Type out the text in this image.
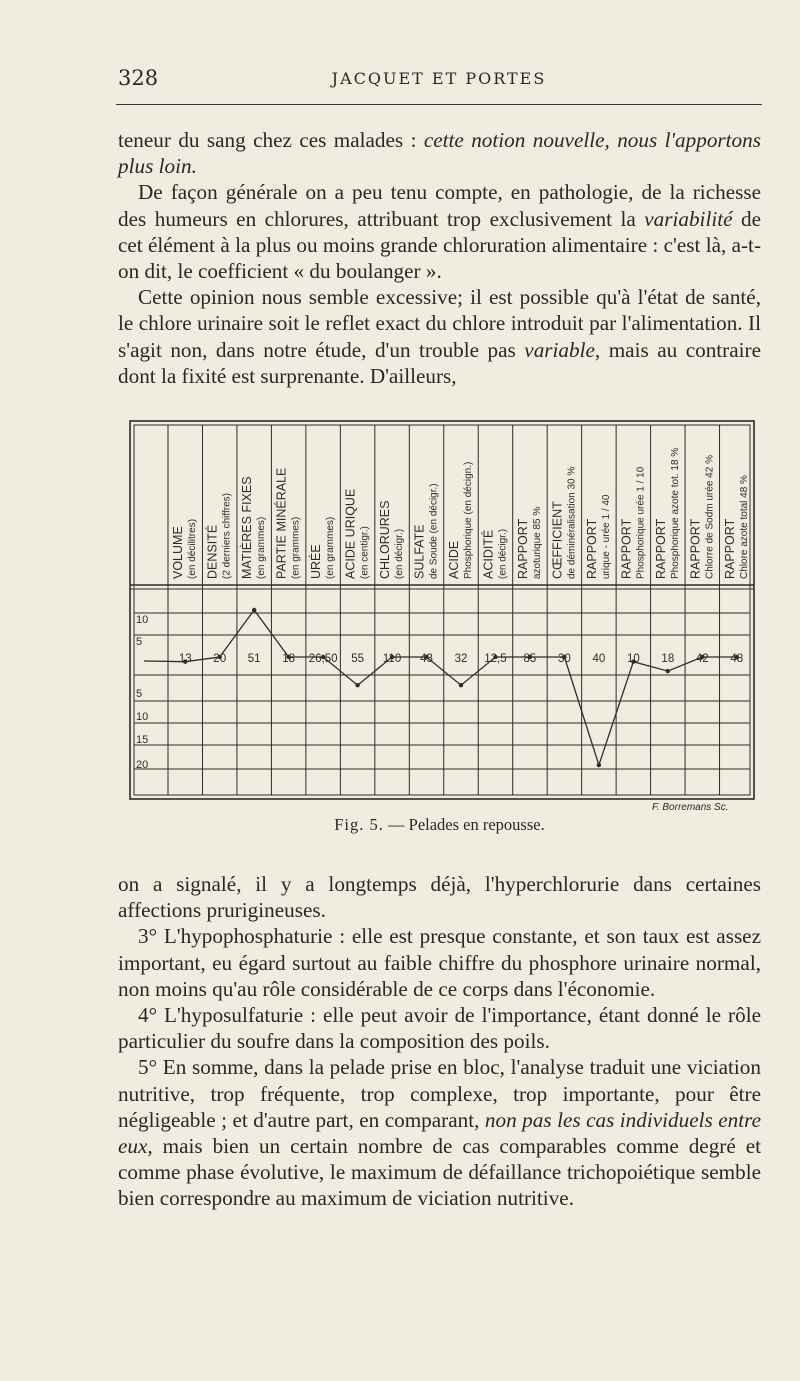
328	JACQUET ET PORTES

teneur du sang chez ces malades : cette notion nouvelle, nous l'apportons plus loin.

De façon générale on a peu tenu compte, en pathologie, de la richesse des humeurs en chlorures, attribuant trop exclusivement la variabilité de cet élément à la plus ou moins grande chloruration alimentaire : c'est là, a-t-on dit, le coefficient « du boulanger ».

Cette opinion nous semble excessive; il est possible qu'à l'état de santé, le chlore urinaire soit le reflet exact du chlore introduit par l'alimentation. Il s'agit non, dans notre étude, d'un trouble pas variable, mais au contraire dont la fixité est surprenante. D'ailleurs,

VOLUME (en décilitres) DENSITÉ (2 derniers chiffres) MATIÈRES FIXES (en grammes) PARTIE MINÉRALE (en grammes) URÉE (en grammes) ACIDE URIQUE (en centigr.) CHLORURES (en décigr.) SULFATE de Soude (en décigr.) ACIDE Phosphorique (en décign.) ACIDITÉ (en décigr.) RAPPORT azoturique 85 % CŒFFICIENT de déminéralisation 30 % RAPPORT urique - urée 1 / 40 RAPPORT Phosphorique urée 1 / 10 RAPPORT Phosphorique azote tot. 18 % RAPPORT Chlorre de Sodm urée 42 % RAPPORT Chlore azote total 48 %
10
5
5
10
15
20
13 20 51 18 26,50 55 110 43 32 12,5 85 30 40 10 18 42 48
F. Borremans Sc.
Fig. 5. — Pelades en repousse.

on a signalé, il y a longtemps déjà, l'hyperchlorurie dans certaines affections prurigineuses.

3° L'hypophosphaturie : elle est presque constante, et son taux est assez important, eu égard surtout au faible chiffre du phosphore urinaire normal, non moins qu'au rôle considérable de ce corps dans l'économie.

4° L'hyposulfaturie : elle peut avoir de l'importance, étant donné le rôle particulier du soufre dans la composition des poils.

5° En somme, dans la pelade prise en bloc, l'analyse traduit une viciation nutritive, trop fréquente, trop complexe, trop importante, pour être négligeable ; et d'autre part, en comparant, non pas les cas individuels entre eux, mais bien un certain nombre de cas comparables comme degré et comme phase évolutive, le maximum de défaillance trichopoiétique semble bien correspondre au maximum de viciation nutritive.
